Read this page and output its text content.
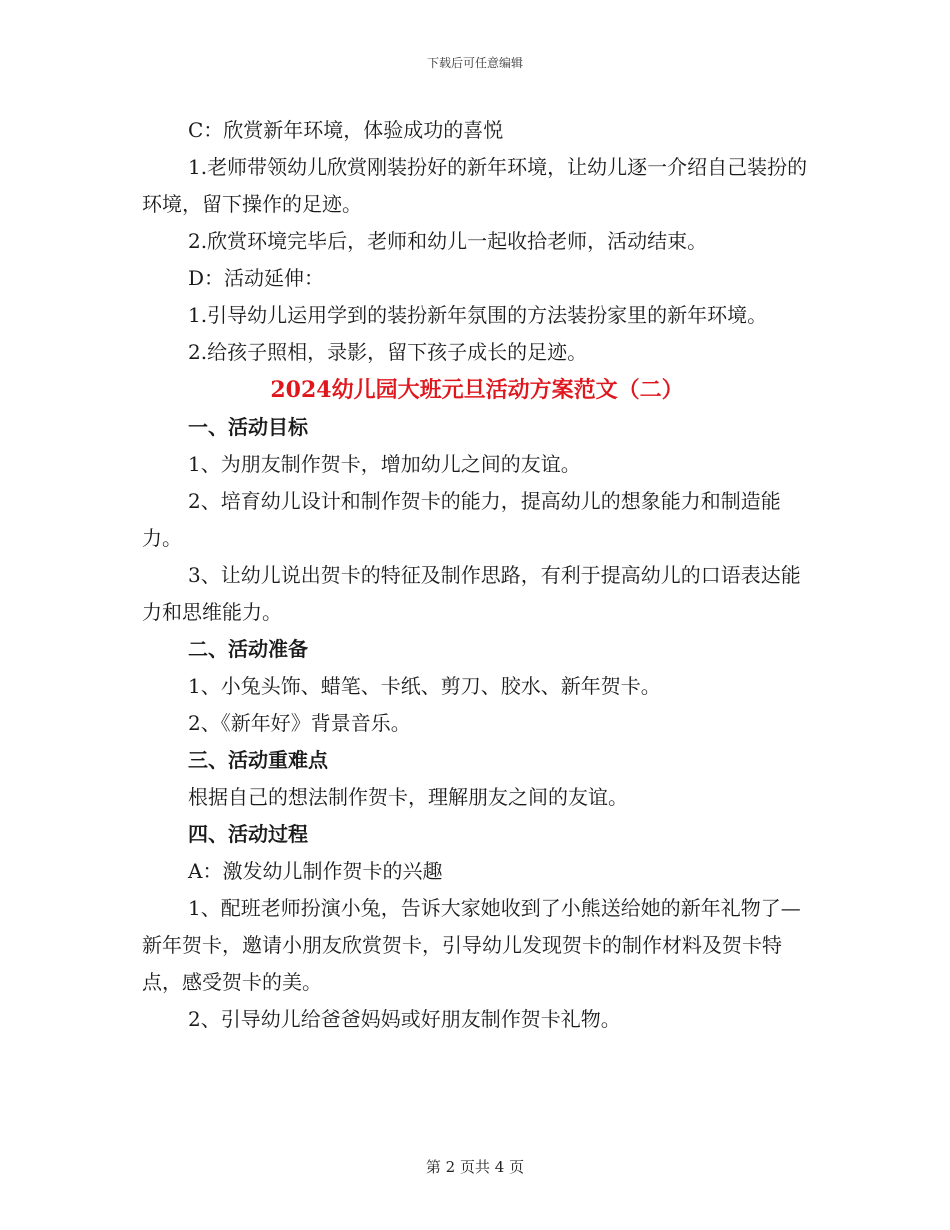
下载后可任意编辑

C：欣赏新年环境，体验成功的喜悦

1.老师带领幼儿欣赏刚装扮好的新年环境，让幼儿逐一介绍自己装扮的环境，留下操作的足迹。

2.欣赏环境完毕后，老师和幼儿一起收拾老师，活动结束。

D：活动延伸：

1.引导幼儿运用学到的装扮新年氛围的方法装扮家里的新年环境。

2.给孩子照相，录影，留下孩子成长的足迹。

2024幼儿园大班元旦活动方案范文（二）

一、活动目标

1、为朋友制作贺卡，增加幼儿之间的友谊。

2、培育幼儿设计和制作贺卡的能力，提高幼儿的想象能力和制造能力。

3、让幼儿说出贺卡的特征及制作思路，有利于提高幼儿的口语表达能力和思维能力。

二、活动准备

1、小兔头饰、蜡笔、卡纸、剪刀、胶水、新年贺卡。

2、《新年好》背景音乐。

三、活动重难点

根据自己的想法制作贺卡，理解朋友之间的友谊。

四、活动过程

A：激发幼儿制作贺卡的兴趣

1、配班老师扮演小兔，告诉大家她收到了小熊送给她的新年礼物了—新年贺卡，邀请小朋友欣赏贺卡，引导幼儿发现贺卡的制作材料及贺卡特点，感受贺卡的美。

2、引导幼儿给爸爸妈妈或好朋友制作贺卡礼物。

第 2 页共 4 页
